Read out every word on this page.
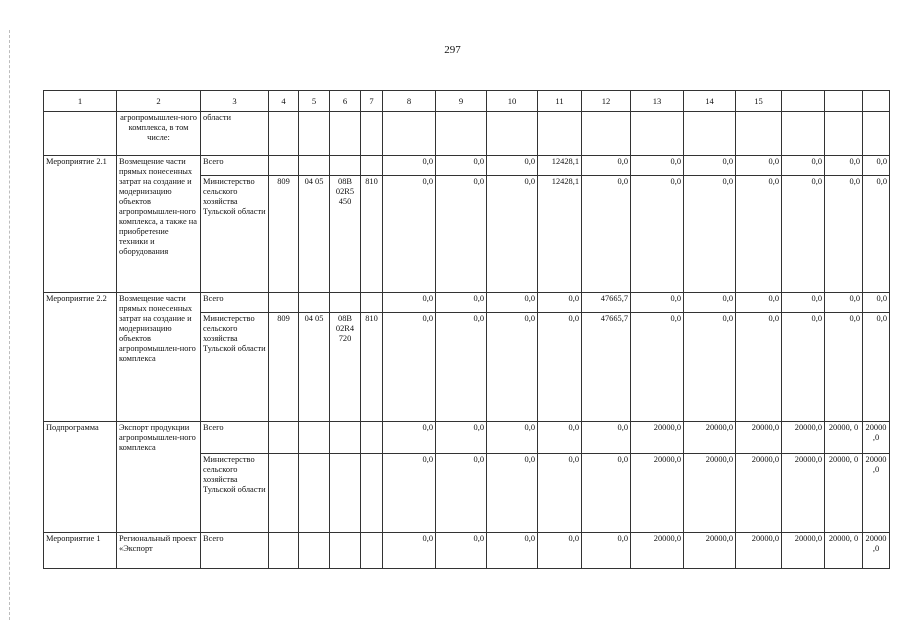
297
1	2	3	4	5	6	7	8	9	10	11	12	13	14	15			
	агропромышлен-ного комплекса, в том числе:	области															
Мероприятие 2.1	Возмещение части прямых понесенных затрат на создание и модернизацию объектов агропромышлен-ного комплекса, а также на приобретение техники и оборудования	Всего					0,0	0,0	0,0	12428,1	0,0	0,0	0,0	0,0	0,0	0,0	0,0
		Министерство сельского хозяйства Тульской области	809	04 05	08В 02R5 450	810	0,0	0,0	0,0	12428,1	0,0	0,0	0,0	0,0	0,0	0,0	0,0
Мероприятие 2.2	Возмещение части прямых понесенных затрат на создание и модернизацию объектов агропромышлен-ного комплекса	Всего					0,0	0,0	0,0	0,0	47665,7	0,0	0,0	0,0	0,0	0,0	0,0
		Министерство сельского хозяйства Тульской области	809	04 05	08В 02R4 720	810	0,0	0,0	0,0	0,0	47665,7	0,0	0,0	0,0	0,0	0,0	0,0
Подпрограмма	Экспорт продукции агропромышлен-ного комплекса	Всего					0,0	0,0	0,0	0,0	0,0	20000,0	20000,0	20000,0	20000,0	20000, 0	20000 ,0
		Министерство сельского хозяйства Тульской области					0,0	0,0	0,0	0,0	0,0	20000,0	20000,0	20000,0	20000,0	20000, 0	20000 ,0
Мероприятие 1	Региональный проект «Экспорт	Всего					0,0	0,0	0,0	0,0	0,0	20000,0	20000,0	20000,0	20000,0	20000, 0	20000 ,0
